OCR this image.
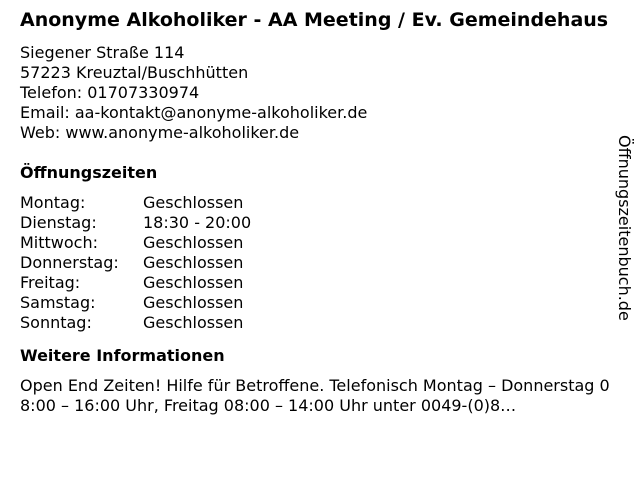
Anonyme Alkoholiker - AA Meeting / Ev. Gemeindehaus
Siegener Straße 114
57223 Kreuztal/Buschhütten
Telefon: 01707330974
Email: aa-kontakt@anonyme-alkoholiker.de
Web: www.anonyme-alkoholiker.de
Öffnungszeiten
Montag:	Geschlossen
Dienstag:	18:30 - 20:00
Mittwoch:	Geschlossen
Donnerstag:	Geschlossen
Freitag:	Geschlossen
Samstag:	Geschlossen
Sonntag:	Geschlossen
Weitere Informationen
Open End Zeiten! Hilfe für Betroffene. Telefonisch Montag – Donnerstag 08:00 – 16:00 Uhr, Freitag 08:00 – 14:00 Uhr unter 0049-(0)8…
Öffnungszeitenbuch.de
